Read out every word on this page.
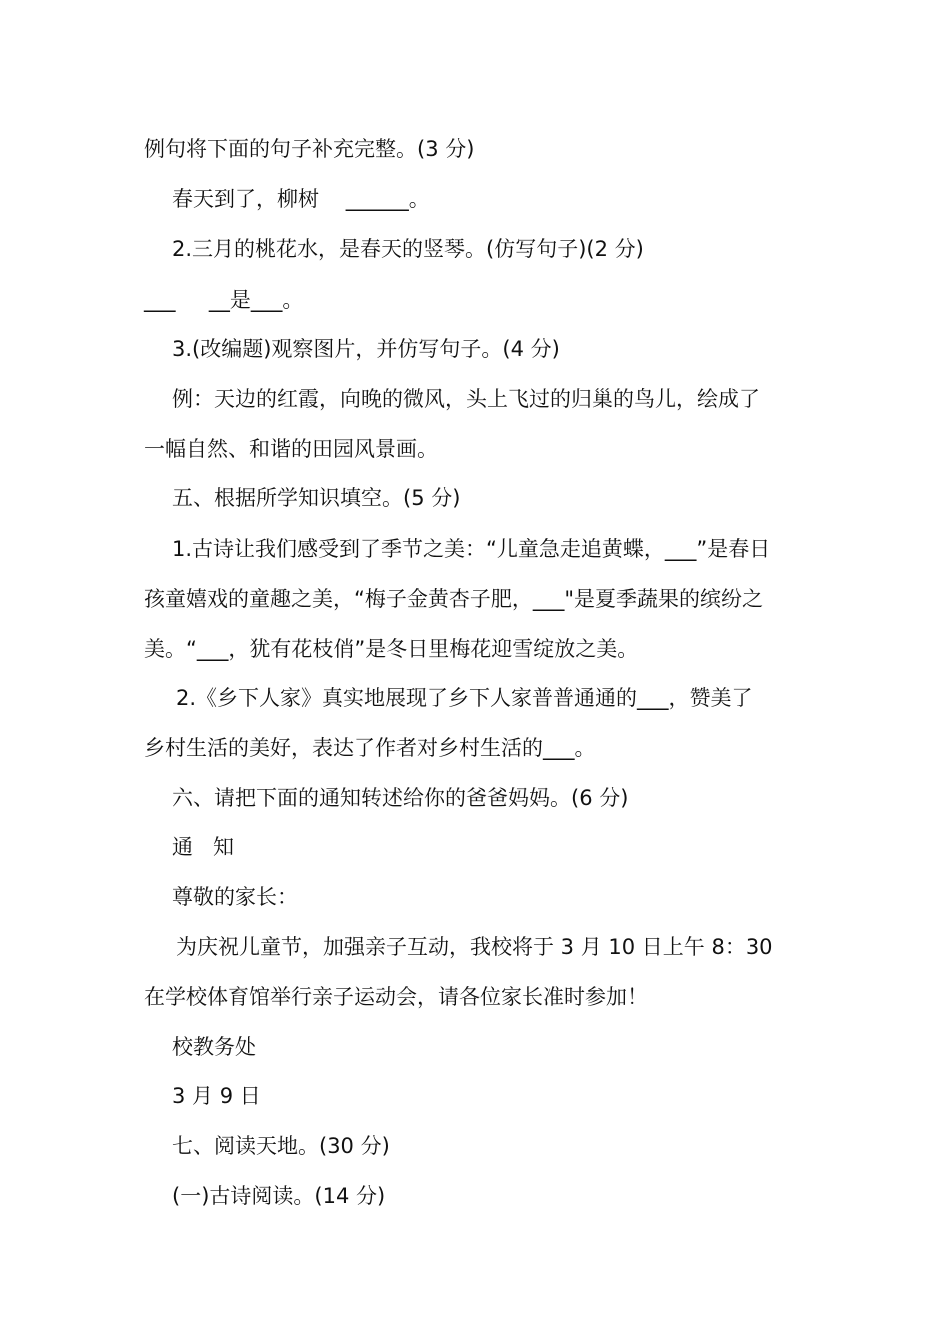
例句将下面的句子补充完整。(3 分)
春天到了，柳树    ______。
2.三月的桃花水，是春天的竖琴。(仿写句子)(2 分)
___     __是___。
3.(改编题)观察图片，并仿写句子。(4 分)
例：天边的红霞，向晚的微风，头上飞过的归巢的鸟儿，绘成了
一幅自然、和谐的田园风景画。
五、根据所学知识填空。(5 分)
1.古诗让我们感受到了季节之美：“儿童急走追黄蝶，___”是春日
孩童嬉戏的童趣之美，“梅子金黄杏子肥，___"是夏季蔬果的缤纷之
美。“___，犹有花枝俏”是冬日里梅花迎雪绽放之美。
2.《乡下人家》真实地展现了乡下人家普普通通的___，赞美了
乡村生活的美好，表达了作者对乡村生活的___。
六、请把下面的通知转述给你的爸爸妈妈。(6 分)
通   知
尊敬的家长：
为庆祝儿童节，加强亲子互动，我校将于 3 月 10 日上午 8：30
在学校体育馆举行亲子运动会，请各位家长准时参加！
校教务处
3 月 9 日
七、阅读天地。(30 分)
(一)古诗阅读。(14 分)
